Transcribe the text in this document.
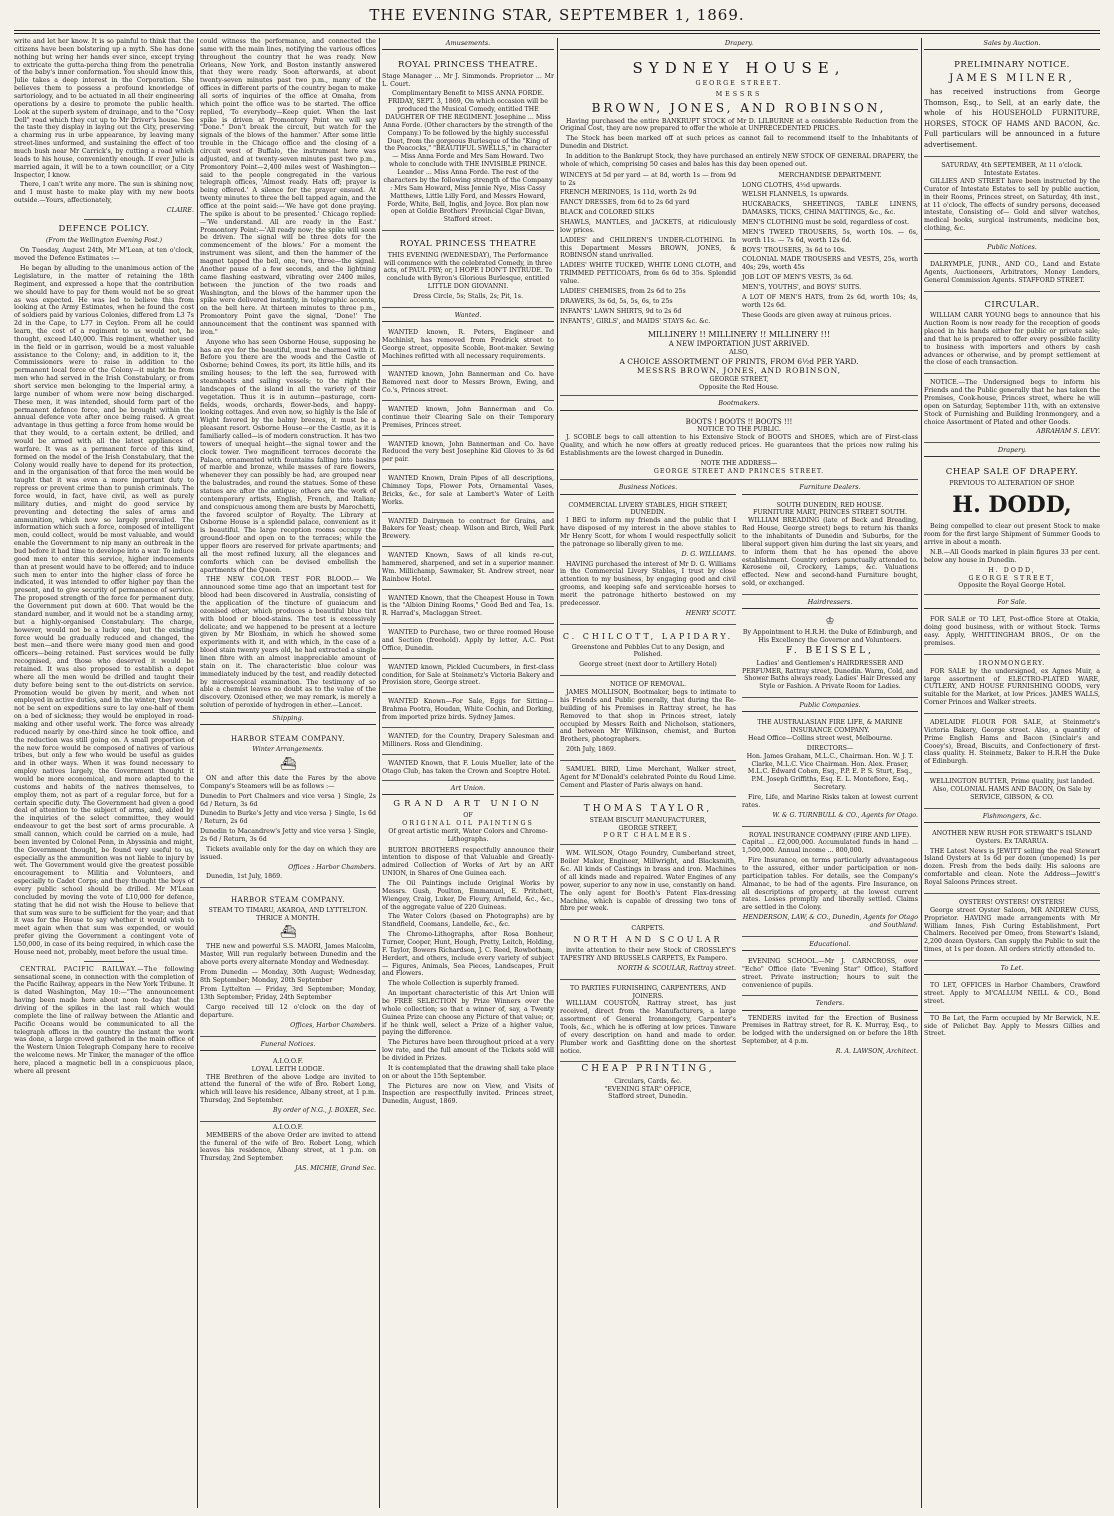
THE EVENING STAR, SEPTEMBER 1, 1869.

write and let her know. It is so painful to think that the citizens have been bolstering up a myth. She has done nothing but wring her hands ever since, except trying to extricate the gutta-percha thing from the penetralia of the baby's inner conformation. You should know this, Julie takes a deep interest in the Corporation. She believes them to possess a profound knowledge of sartoriology, and to be actuated in all their engineering operations by a desire to promote the public health. Look at the superb system of drainage, and to the "Cosy Dell" road which they cut up to Mr Driver's house. See the taste they display in laying out the City, preserving a charming rus in urbe appearance, by leaving many street-lines unformed, and sustaining the effect of too much bush near Mr Carrick's, by cutting a road which leads to his house, conveniently enough. If ever Julie is married again, it will be to a town councillor, or a City Inspector, I know.

There, I can't write any more. The sun is shining now, and I must haste to make play with my new boots outside.—Yours, affectionately,

CLAIRE.

DEFENCE POLICY.
(From the Wellington Evening Post.)

On Tuesday, August 24th, Mr M'Lean, at ten o'clock, moved the Defence Estimates :—

He began by alluding to the unanimous action of the Legislature, in the matter of retaining the 18th Regiment, and expressed a hope that the contribution we should have to pay for them would not be so great as was expected. He was led to believe this from looking at the Army Estimates, when he found the cost of soldiers paid by various Colonies, differed from L3 7s 2d in the Cape, to L77 in Ceylon. From all he could learn, the cost of a regiment to us would not, he thought, exceed L40,000. This regiment, whether used in the field or in garrison, would be a most valuable assistance to the Colony; and, in addition to it, the Commissioners were to raise in addition to the permanent local force of the Colony—it might be from men who had served in the Irish Constabulary, or from short service men belonging to the Imperial army, a large number of whom were now being discharged. These men, it was intended, should form part of the permanent defence force, and be brought within the annual defence vote after once being raised. A great advantage in thus getting a force from home would be that they would, to a certain extent, be drilled, and would be armed with all the latest appliances of warfare. It was as a permanent force of this kind, formed on the model of the Irish Constabulary, that the Colony would really have to depend for its protection, and in the organisation of that force the men would be taught that it was even a more important duty to repress or prevent crime than to punish criminals. The force would, in fact, have civil, as well as purely military duties, and might do good service by preventing and detecting the sales of arms and ammunition, which now so largely prevailed. The information which such a force, composed of intelligent men, could collect, would be most valuable, and would enable the Government to nip many an outbreak in the bud before it had time to develope into a war. To induce good men to enter this service, higher inducements than at present would have to be offered; and to induce such men to enter into the higher class of force he indicated, it was intended to offer higher pay than the present, and to give security of permanence of service. The proposed strength of the force for permanent duty, the Government put down at 600. That would be the standard number, and it would not be a standing army, but a highly-organised Constabulary. The charge, however, would not be a lucky one, but the existing force would be gradually reduced and changed, the best men—and there were many good men and good officers—being retained. Past services would be fully recognised, and those who deserved it would be retained. It was also proposed to establish a depot where all the men would be drilled and taught their duty before being sent to the out-districts on service. Promotion would be given by merit, and when not employed in active duties, and in the winter, they would not be sent on expeditions sure to lay one-half of them on a bed of sickness; they would be employed in road-making and other useful work. The force was already reduced nearly by one-third since he took office, and the reduction was still going on. A small proportion of the new force would be composed of natives of various tribes, but only a few who would be useful as guides and in other ways. When it was found necessary to employ natives largely, the Government thought it would be more economical, and more adapted to the customs and habits of the natives themselves, to employ them, not as part of a regular force, but for a certain specific duty. The Government had given a good deal of attention to the subject of arms, and, aided by the inquiries of the select committee, they would endeavour to get the best sort of arms procurable. A small cannon, which could be carried on a mule, had been invented by Colonel Penn, in Abyssinia and might, the Government thought, be found very useful to us, especially as the ammunition was not liable to injury by wet. The Government would give the greatest possible encouragement to Militia and Volunteers, and especially to Cadet Corps; and they thought the boys of every public school should be drilled. Mr M'Lean concluded by moving the vote of L10,000 for defence, stating that he did not wish the House to believe that that sum was sure to be sufficient for the year; and that it was for the House to say whether it would wish to meet again when that sum was expended, or would prefer giving the Government a contingent vote of L50,000, in case of its being required, in which case the House need not, probably, meet before the usual time.

CENTRAL PACIFIC RAILWAY.—The following sensational scene, in connection with the completion of the Pacific Railway, appears in the New York Tribune. It is dated Washington, May 10:—"The announcement having been made here about noon to-day that the driving of the spikes in the last rail which would complete the line of railway between the Atlantic and Pacific Oceans would be communicated to all the telegraph offices in the country the instant the work was done, a large crowd gathered in the main office of the Western Union Telegraph Company here to receive the welcome news. Mr Tinker, the manager of the office here, placed a magnetic bell in a conspicuous place, where all present

could witness the performance, and connected the same with the main lines, notifying the various offices throughout the country that he was ready. New Orleans, New York, and Boston instantly answered that they were ready. Soon afterwards, at about twenty-seven minutes past two p.m., many of the offices in different parts of the country began to make all sorts of inquiries of the office at Omaha, from which point the office was to be started. The office replied, 'To everybody—Keep quiet. When the last spike is driven at Promontory Point we will say "Done." Don't break the circuit, but watch for the signals of the blows of the hammer.' After some little trouble in the Chicago office and the closing of a circuit west of Buffalo, the instrument here was adjusted, and at twenty-seven minutes past two p.m., Promontory Point—2,400 miles west of Washington—said to the people congregated in the various telegraph offices, 'Almost ready. Hats off; prayer is being offered.' A silence for the prayer ensued. At twenty minutes to three the bell tapped again, and the office at the point said:—'We have got done praying. The spike is about to be presented.' Chicago replied:—'We understand. All are ready in the East.' Promontory Point:—'All ready now; the spike will soon be driven. The signal will be three dots for the commencement of the blows.' For a moment the instrument was silent, and then the hammer of the magnet tapped the bell, one, two, three—the signal. Another pause of a few seconds, and the lightning came flashing eastward, vibrating over 2400 miles, between the junction of the two roads and Washington, and the blows of the hammer upon the spike were delivered instantly, in telegraphic accents, on the bell here. At thirteen minutes to three p.m., Promontory Point gave the signal, 'Done!' The announcement that the continent was spanned with iron."

Anyone who has seen Osborne House, supposing he has an eye for the beautiful, must be charmed with it. Before you there are the woods and the Castle of Osborne; behind Cowes, its port, its little hills, and its smiling houses; to the left the sea, furrowed with steamboats and sailing vessels; to the right the landscapes of the island in all the variety of their vegetation. Thus it is in autumn—pasturage, corn-fields, woods, orchards, flower-beds, and happy-looking cottages. And even now, so highly is the Isle of Wight favored by the balmy breezes, it must be a pleasant resort. Osborne House—or the Castle, as it is familiarly called—is of modern construction. It has two towers of unequal height—the signal tower and the clock tower. Two magnificent terraces decorate the Palace, ornamented with fountains falling into basins of marble and bronze, while masses of rare flowers, whenever they can possibly be had, are grouped near the balustrades, and round the statues. Some of these statues are after the antique; others are the work of contemporary artists, English, French, and Italian; and conspicuous among them are busts by Marochetti, the favored sculptor of Royalty. The Library at Osborne House is a splendid palace, convenient as it is beautiful. The large reception rooms occupy the ground-floor and open on to the terraces; while the upper floors are reserved for private apartments; and all the most refined luxury, all the elegances and comforts which can be devised embellish the apartments of the Queen.

THE NEW COLOR TEST FOR BLOOD.— We announced some time ago that an important test for blood had been discovered in Australia, consisting of the application of the tincture of guaiacum and ozonised ether, which produces a beautiful blue tint with blood or blood-stains. The test is excessively delicate; and we happened to be present at a lecture given by Mr Bloxham, in which he showed some experiments with it, and with which, in the case of a blood stain twenty years old, he had extracted a single linen fibre with an almost inappreciable amount of stain on it. The characteristic blue colour was immediately induced by the test, and readily detected by microscopical examination. The testimony of so able a chemist leaves no doubt as to the value of the discovery. Ozonised ether, we may remark, is merely a solution of peroxide of hydrogen in ether.—Lancet.

Shipping.
HARBOR STEAM COMPANY.
Winter Arrangements.
⛴

ON and after this date the Fares by the above Company's Steamers will be as follows :—

Dunedin to Port Chalmers and vice versa } Single, 2s 6d / Return, 3s 6d

Dunedin to Burke's Jetty and vice versa } Single, 1s 6d / Return, 2s 6d

Dunedin to Macandrew's Jetty and vice versa } Single, 2s 6d / Return, 3s 6d

Tickets available only for the day on which they are issued.

Offices : Harbor Chambers.

Dunedin, 1st July, 1869.

HARBOR STEAM COMPANY.
STEAM TO TIMARU, AKAROA, AND LYTTELTON.
THRICE A MONTH.
⛴

THE new and powerful S.S. MAORI, James Malcolm, Master, Will run regularly between Dunedin and the above ports every alternate Monday and Wednesday.

From Dunedin — Monday, 30th August; Wednesday, 8th September; Monday, 20th September

From Lyttelton — Friday, 3rd September; Monday, 13th September; Friday, 24th September

Cargo received till 12 o'clock on the day of departure.

Offices, Harbor Chambers.

Funeral Notices.
A.I.O.O.F.
LOYAL LEITH LODGE.

THE Brethren of the above Lodge are invited to attend the funeral of the wife of Bro. Robert Long, which will leave his residence, Albany street, at 1 p.m. Thursday, 2nd September.

By order of N.G., J. BOXER, Sec.

A.I.O.O.F.

MEMBERS of the above Order are invited to attend the funeral of the wife of Bro. Robert Long, which leaves his residence, Albany street, at 1 p.m. on Thursday, 2nd September.

JAS. MICHIE, Grand Sec.

Amusements.
ROYAL PRINCESS THEATRE.

Stage Manager ... Mr J. Simmonds. Proprietor ... Mr L. Court.

Complimentary Benefit to MISS ANNA FORDE. FRIDAY, SEPT. 3, 1869, On which occasion will be produced the Musical Comedy, entitled THE DAUGHTER OF THE REGIMENT. Josephine ... Miss Anna Forde. (Other characters by the strength of the Company.) To be followed by the highly successful Duet, from the gorgeous Burlesque of the "King of the Peacocks," "BEAUTIFUL SWELLS," in character— Miss Anna Forde and Mrs Sam Howard. Two whole to conclude with THE INVISIBLE PRINCE. Leander ... Miss Anna Forde. The rest of the characters by the following strength of the Company : Mrs Sam Howard, Miss Jennie Nye, Miss Cassy Matthews, Little Lilly Ford, and Messrs Howard, Forde, White, Bell, Inglis, and Joyce. Box plan now open at Goldie Brothers' Provincial Cigar Divan, Stafford street.

ROYAL PRINCESS THEATRE

THIS EVENING (WEDNESDAY), The Performance will commence with the celebrated Comedy, in three acts, of PAUL PRY; or, I HOPE I DON'T INTRUDE. To conclude with Byron's Glorious Burlesque, entitled LITTLE DON GIOVANNI.

Dress Circle, 5s; Stalls, 2s; Pit, 1s.

Wanted.

WANTED known, R. Peters, Engineer and Machinist, has removed from Fredrick street to George street, opposite Scoble, Boot-maker. Sewing Machines refitted with all necessary requirements.

WANTED known, John Bannerman and Co. have Removed next door to Messrs Brown, Ewing, and Co.'s, Princes street.

WANTED known, John Bannerman and Co. continue their Clearing Sale on their Temporary Premises, Princes street.

WANTED known, John Bannerman and Co. have Reduced the very best Josephine Kid Gloves to 3s 6d per pair.

WANTED Known, Drain Pipes of all descriptions, Chimney Tops, Flower Pots, Ornamental Vases, Bricks, &c., for sale at Lambert's Water of Leith Works.

WANTED Dairymen to contract for Grains, and Bakers for Yeast; cheap. Wilson and Birch, Well Park Brewery.

WANTED Known, Saws of all kinds re-cut, hammered, sharpened, and set in a superior manner. Wm. Millichamp, Sawmaker, St. Andrew street, near Rainbow Hotel.

WANTED Known, that the Cheapest House in Town is the "Albion Dining Rooms," Good Bed and Tea, 1s. R. Harrad's, Maclaggan Street.

WANTED to Purchase, two or three roomed House and Section (freehold). Apply by letter, A.C. Post Office, Dunedin.

WANTED known, Pickled Cucumbers, in first-class condition, for Sale at Steinmetz's Victoria Bakery and Provision store, George street.

WANTED Known—For Sale, Eggs for Sitting—Brahma Pootra, Houdan, White Cochin, and Dorking, from imported prize birds. Sydney James.

WANTED, for the Country, Drapery Salesman and Milliners. Ross and Glendining.

WANTED Known, that F. Louis Mueller, late of the Otago Club, has taken the Crown and Sceptre Hotel.

Art Union.
GRAND ART UNION
OF
ORIGINAL OIL PAINTINGS
Of great artistic merit, Water Colors and Chromo-Lithographs.

BURTON BROTHERS respectfully announce their intention to dispose of that Valuable and Greatly-admired Collection of Works of Art by an ART UNION, in Shares of One Guinea each.

The Oil Paintings include Original Works by Messrs. Gush, Poulton, Emmanuel, E. Pritchett, Wiengey, Craig, Luker, De Fleury, Armfield, &c., &c., of the aggregate value of 220 Guineas.

The Water Colors (based on Photographs) are by Standfield, Coomans, Landelle, &c., &c.

The Chromo-Lithographs, after Rosa Bonheur, Turner, Cooper, Hunt, Hough, Pretty, Leitch, Holding, F. Taylor, Bowers Richardson, J. C. Reed, Rowbotham, Herdert, and others, include every variety of subject — Figures, Animals, Sea Pieces, Landscapes, Fruit and Flowers.

The whole Collection is superbly framed.

An important characteristic of this Art Union will be FREE SELECTION by Prize Winners over the whole collection; so that a winner of, say, a Twenty Guinea Prize can choose any Picture of that value; or, if he think well, select a Prize of a higher value, paying the difference.

The Pictures have been throughout priced at a very low rate, and the full amount of the Tickets sold will be divided in Prizes.

It is contemplated that the drawing shall take place on or about the 15th September.

The Pictures are now on View, and Visits of Inspection are respectfully invited. Princes street, Dunedin, August, 1869.

Drapery.
SYDNEY HOUSE,
GEORGE STREET.
MESSRS
BROWN, JONES, AND ROBINSON,

Having purchased the entire BANKRUPT STOCK of Mr D. LILBURNE at a considerable Reduction from the Original Cost, they are now prepared to offer the whole at UNPRECEDENTED PRICES.

The Stock has been marked off at such prices as cannot fail to recommend itself to the Inhabitants of Dunedin and District.

In addition to the Bankrupt Stock, they have purchased an entirely NEW STOCK OF GENERAL DRAPERY, the whole of which, comprising 50 cases and bales has this day been opened out.

WINCEYS at 5d per yard — at 8d, worth 1s — from 9d to 2s

FRENCH MERINOES, 1s 11d, worth 2s 9d

FANCY DRESSES, from 6d to 2s 6d yard

BLACK and COLORED SILKS

SHAWLS, MANTLES, and JACKETS, at ridiculously low prices.

LADIES' and CHILDREN'S UNDER-CLOTHING. In this Department Messrs BROWN, JONES, & ROBINSON stand unrivalled.

LADIES' WHITE TUCKED, WHITE LONG CLOTH, and TRIMMED PETTICOATS, from 6s 6d to 35s. Splendid value.

LADIES' CHEMISES, from 2s 6d to 25s

DRAWERS, 3s 6d, 5s, 5s, 6s, to 25s

INFANTS' LAWN SHIRTS, 9d to 2s 6d

INFANTS', GIRLS', and MAIDS' STAYS &c. &c.

MERCHANDISE DEPARTMENT.

LONG CLOTHS, 4½d upwards.

WELSH FLANNELS, 1s upwards.

HUCKABACKS, SHEETINGS, TABLE LINENS, DAMASKS, TICKS, CHINA MATTINGS, &c., &c.

MEN'S CLOTHING must be sold, regardless of cost.

MEN'S TWEED TROUSERS, 5s, worth 10s. — 6s, worth 11s. — 7s 6d, worth 12s 6d.

BOYS' TROUSERS, 3s 6d to 10s.

COLONIAL MADE TROUSERS and VESTS, 25s, worth 40s; 29s, worth 45s

JOB LOT OF MEN'S VESTS, 3s 6d.

MEN'S, YOUTHS', and BOYS' SUITS.

A LOT OF MEN'S HATS, from 2s 6d, worth 10s; 4s, worth 12s 6d.

These Goods are given away at ruinous prices.

MILLINERY !! MILLINERY !! MILLINERY !!!
A NEW IMPORTATION JUST ARRIVED.
ALSO,
A CHOICE ASSORTMENT OF PRINTS, FROM 6½d PER YARD.
MESSRS BROWN, JONES, AND ROBINSON,
GEORGE STREET,
Opposite the Red House.
Bootmakers.
BOOTS ! BOOTS !! BOOTS !!!
NOTICE TO THE PUBLIC.

J. SCOBLE begs to call attention to his Extensive Stock of BOOTS and SHOES, which are of First-class Quality, and which he now offers at greatly reduced prices. He guarantees that the prices now ruling his Establishments are the lowest charged in Dunedin.

NOTE THE ADDRESS—
GEORGE STREET AND PRINCES STREET.
Business Notices.
COMMERCIAL LIVERY STABLES, HIGH STREET, DUNEDIN.

I BEG to inform my friends and the public that I have disposed of my interest in the above stables to Mr Henry Scott, for whom I would respectfully solicit the patronage so liberally given to me.

D. G. WILLIAMS.

HAVING purchased the interest of Mr D. G. Williams in the Commercial Livery Stables, I trust by close attention to my business, by engaging good and civil grooms, and keeping safe and serviceable horses to merit the patronage hitherto bestowed on my predecessor.

HENRY SCOTT.

C. CHILCOTT, LAPIDARY.

Greenstone and Pebbles Cut to any Design, and Polished.

George street (next door to Artillery Hotel)

NOTICE OF REMOVAL.

JAMES MOLLISON, Bootmaker, begs to intimate to his Friends and Public generally, that during the Re-building of his Premises in Rattray street, he has Removed to that shop in Princes street, lately occupied by Messrs Reith and Nicholson, stationers, and between Mr Wilkinson, chemist, and Burton Brothers, photographers.

20th July, 1869.

SAMUEL BIRD, Lime Merchant, Walker street, Agent for M'Donald's celebrated Pointe du Roud Lime. Cement and Plaster of Paris always on hand.

THOMAS TAYLOR,
STEAM BISCUIT MANUFACTURER,
GEORGE STREET,
PORT CHALMERS.

WM. WILSON, Otago Foundry, Cumberland street, Boiler Maker, Engineer, Millwright, and Blacksmith, &c. All kinds of Castings in brass and iron. Machines of all kinds made and repaired. Water Engines of any power, superior to any now in use, constantly on hand. The only agent for Booth's Patent Flax-dressing Machine, which is capable of dressing two tons of fibre per week.

CARPETS.
NORTH AND SCOULAR

invite attention to their new Stock of CROSSLEY'S TAPESTRY AND BRUSSELS CARPETS, Ex Pampero.

NORTH & SCOULAR, Rattray street.

TO PARTIES FURNISHING, CARPENTERS, AND JOINERS.

WILLIAM COUSTON, Rattray street, has just received, direct from the Manufacturers, a large assortment of General Ironmongery, Carpenter's Tools, &c., which he is offering at low prices. Tinware of every description on hand and made to order. Plumber work and Gasfitting done on the shortest notice.

CHEAP PRINTING,
Circulars, Cards, &c.
"EVENING STAR" OFFICE,
Stafford street, Dunedin.
Furniture Dealers.
SOUTH DUNEDIN, RED HOUSE.
FURNITURE MART, PRINCES STREET SOUTH.

WILLIAM BREADING (late of Beck and Breading, Red House, George street) begs to return his thanks to the inhabitants of Dunedin and Suburbs, for the liberal support given him during the last six years, and to inform them that he has opened the above establishment. Country orders punctually attended to. Kerosene oil, Crockery, Lamps, &c. Valuations effected. New and second-hand Furniture bought, sold, or exchanged.

Hairdressers.
♔

By Appointment to H.R.H. the Duke of Edinburgh, and His Excellency the Governor and Volunteers.

F. BEISSEL,

Ladies' and Gentlemen's HAIRDRESSER AND PERFUMER, Rattray street, Dunedin. Warm, Cold, and Shower Baths always ready. Ladies' Hair Dressed any Style or Fashion. A Private Room for Ladies.

Public Companies.
THE AUSTRALASIAN FIRE LIFE, & MARINE INSURANCE COMPANY.

Head Office—Collins street west, Melbourne.

DIRECTORS—

Hon. James Graham, M.L.C., Chairman. Hon. W. J. T. Clarke, M.L.C. Vice Chairman. Hon. Alex. Fraser, M.L.C. Edward Cohen, Esq., P.P. E. P. S. Sturt, Esq., P.M. Joseph Griffiths, Esq. E. L. Montefiore, Esq., Secretary.

Fire, Life, and Marine Risks taken at lowest current rates.

W. & G. TURNBULL & CO., Agents for Otago.

ROYAL INSURANCE COMPANY (FIRE AND LIFE).

Capital ... £2,000,000. Accumulated funds in hand ... 1,500,000. Annual income ... 800,000.

Fire Insurance, on terms particularly advantageous to the assured, either under participation or non-participation tables. For details, see the Company's Almanac, to be had of the agents. Fire Insurance, on all descriptions of property, at the lowest current rates. Losses promptly and liberally settled. Claims are settled in the Colony.

HENDERSON, LAW, & CO., Dunedin, Agents for Otago and Southland.

Educational.

EVENING SCHOOL.—Mr J. CARNCROSS, over "Echo" Office (late "Evening Star" Office), Stafford street. Private instruction; hours to suit the convenience of pupils.

Tenders.

TENDERS invited for the Erection of Business Premises in Rattray street, for R. K. Murray, Esq., to be lodged with the undersigned on or before the 18th September, at 4 p.m.

R. A. LAWSON, Architect.

Sales by Auction.
PRELIMINARY NOTICE.
JAMES MILNER,

has received instructions from George Thomson, Esq., to Sell, at an early date, the whole of his HOUSEHOLD FURNITURE, HORSES, STOCK OF HAMS AND BACON, &c. Full particulars will be announced in a future advertisement.

SATURDAY, 4th SEPTEMBER, At 11 o'clock.
Intestate Estates.

GILLIES AND STREET have been instructed by the Curator of Intestate Estates to sell by public auction, in their Rooms, Princes street, on Saturday, 4th inst., at 11 o'clock, The effects of sundry persons, deceased intestate, Consisting of— Gold and silver watches, medical books, surgical instruments, medicine box, clothing, &c.

Public Notices.

DALRYMPLE, JUNR., AND CO., Land and Estate Agents, Auctioneers, Arbitrators, Money Lenders, General Commission Agents. STAFFORD STREET.

CIRCULAR.

WILLIAM CARR YOUNG begs to announce that his Auction Room is now ready for the reception of goods placed in his hands either for public or private sale; and that he is prepared to offer every possible facility to business with importers and others by cash advances or otherwise, and by prompt settlement at the close of each transaction.

NOTICE.—The Undersigned begs to inform his Friends and the Public generally that he has taken the Premises, Cook-house, Princes street, where he will open on Saturday, September 11th, with an extensive Stock of Furnishing and Building Ironmongery, and a choice Assortment of Plated and other Goods.

ABRAHAM S. LEVY.

Drapery.
CHEAP SALE OF DRAPERY.
PREVIOUS TO ALTERATION OF SHOP.
H. DODD,

Being compelled to clear out present Stock to make room for the first large Shipment of Summer Goods to arrive in about a month.

N.B.—All Goods marked in plain figures 33 per cent. below any house in Dunedin.

H. DODD,
GEORGE STREET,
Opposite the Royal George Hotel.
For Sale.

FOR SALE or TO LET, Post-office Store at Otakia, doing good business, with or without Stock. Terms easy. Apply, WHITTINGHAM BROS., Or on the premises.

IRONMONGERY.

FOR SALE by the undersigned, ex Agnes Muir, a large assortment of ELECTRO-PLATED WARE, CUTLERY, AND HOUSE FURNISHING GOODS, very suitable for the Market, at low Prices. JAMES WALLS, Corner Princes and Walker streets.

ADELAIDE FLOUR FOR SALE, at Steinmetz's Victoria Bakery, George street. Also, a quantity of Prime English Hams and Bacon (Sinclair's and Cooey's), Bread, Biscuits, and Confectionery of first-class quality. H. Steinmetz, Baker to H.R.H the Duke of Edinburgh.

WELLINGTON BUTTER, Prime quality, just landed. Also, COLONIAL HAMS AND BACON, On Sale by SERVICE, GIBSON, & CO.

Fishmongers, &c.

ANOTHER NEW RUSH FOR STEWART'S ISLAND Oysters. Ex TARARUA.

THE Latest News is JEWITT selling the real Stewart Island Oysters at 1s 6d per dozen (unopened) 1s per dozen. Fresh from the beds daily. His saloons are comfortable and clean. Note the Address—Jewitt's Royal Saloons Princes street.

OYSTERS! OYSTERS! OYSTERS!

George street Oyster Saloon, MR ANDREW CUSS, Proprietor. HAVING made arrangements with Mr William Innes, Fish Curing Establishment, Port Chalmers. Received per Omeo, from Stewart's Island, 2,200 dozen Oysters. Can supply the Public to suit the times, at 1s per dozen. All orders strictly attended to.

To Let.

TO LET, OFFICES in Harbor Chambers, Crawford street. Apply to M'CALLUM NEILL & CO., Bond street.

TO Be Let, the Farm occupied by Mr Berwick, N.E. side of Pelichet Bay. Apply to Messrs Gillies and Street.
